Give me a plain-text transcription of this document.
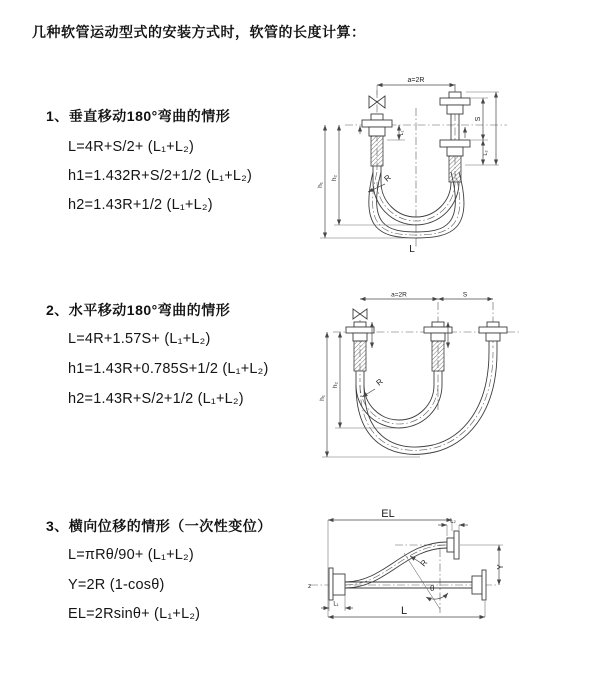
几种软管运动型式的安装方式时，软管的长度计算：
1、垂直移动180°弯曲的情形
L=4R+S/2+ (L₁+L₂)
h1=1.432R+S/2+1/2 (L₁+L₂)
h2=1.43R+1/2 (L₁+L₂)
2、水平移动180°弯曲的情形
L=4R+1.57S+ (L₁+L₂)
h1=1.43R+0.785S+1/2 (L₁+L₂)
h2=1.43R+S/2+1/2 (L₁+L₂)
3、横向位移的情形（一次性变位）
L=πRθ/90+ (L₁+L₂)
Y=2R (1-cosθ)
EL=2Rsinθ+ (L₁+L₂)
a=2R
h₁
h₂
L₁
S
L₂
R
L
a=2R	S
h₁
h₂	R
EL
L₂
Y
θ
R
z
L₁
L
